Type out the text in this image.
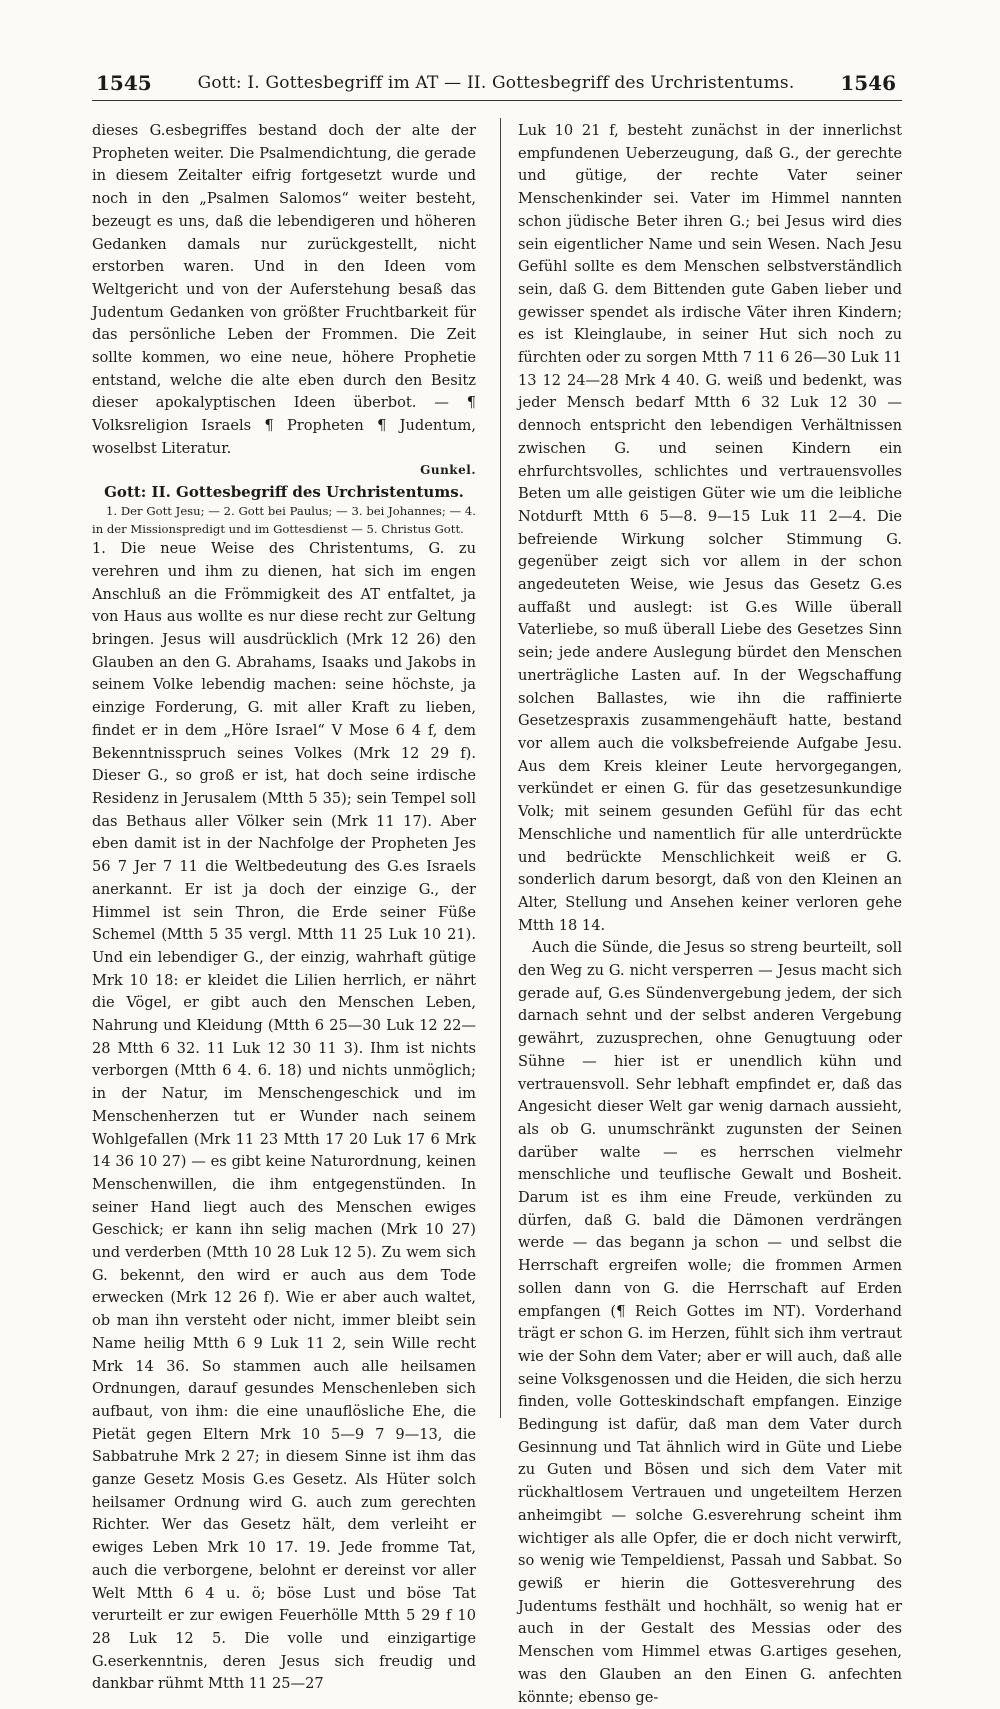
1545	Gott: I. Gottesbegriff im AT — II. Gottesbegriff des Urchristentums.	1546

dieses G.esbegriffes bestand doch der alte der Propheten weiter. Die Psalmendichtung, die gerade in diesem Zeitalter eifrig fortgesetzt wurde und noch in den „Psalmen Salomos“ weiter besteht, bezeugt es uns, daß die lebendigeren und höheren Gedanken damals nur zurückgestellt, nicht erstorben waren. Und in den Ideen vom Weltgericht und von der Auferstehung besaß das Judentum Gedanken von größter Fruchtbarkeit für das persönliche Leben der Frommen. Die Zeit sollte kommen, wo eine neue, höhere Prophetie entstand, welche die alte eben durch den Besitz dieser apokalyptischen Ideen überbot. — ¶ Volksreligion Israels ¶ Propheten ¶ Judentum, woselbst Literatur.

Gunkel.

Gott: II. Gottesbegriff des Urchristentums.

1. Der Gott Jesu; — 2. Gott bei Paulus; — 3. bei Johannes; — 4. in der Missionspredigt und im Gottesdienst — 5. Christus Gott.

1. Die neue Weise des Christentums, G. zu verehren und ihm zu dienen, hat sich im engen Anschluß an die Frömmigkeit des AT entfaltet, ja von Haus aus wollte es nur diese recht zur Geltung bringen. Jesus will ausdrücklich (Mrk 12 26) den Glauben an den G. Abrahams, Isaaks und Jakobs in seinem Volke lebendig machen: seine höchste, ja einzige Forderung, G. mit aller Kraft zu lieben, findet er in dem „Höre Israel“ V Mose 6 4 f, dem Bekenntnisspruch seines Volkes (Mrk 12 29 f). Dieser G., so groß er ist, hat doch seine irdische Residenz in Jerusalem (Mtth 5 35); sein Tempel soll das Bethaus aller Völker sein (Mrk 11 17). Aber eben damit ist in der Nachfolge der Propheten Jes 56 7 Jer 7 11 die Weltbedeutung des G.es Israels anerkannt. Er ist ja doch der einzige G., der Himmel ist sein Thron, die Erde seiner Füße Schemel (Mtth 5 35 vergl. Mtth 11 25 Luk 10 21). Und ein lebendiger G., der einzig, wahrhaft gütige Mrk 10 18: er kleidet die Lilien herrlich, er nährt die Vögel, er gibt auch den Menschen Leben, Nahrung und Kleidung (Mtth 6 25—30 Luk 12 22—28 Mtth 6 32. 11 Luk 12 30 11 3). Ihm ist nichts verborgen (Mtth 6 4. 6. 18) und nichts unmöglich; in der Natur, im Menschengeschick und im Menschenherzen tut er Wunder nach seinem Wohlgefallen (Mrk 11 23 Mtth 17 20 Luk 17 6 Mrk 14 36 10 27) — es gibt keine Naturordnung, keinen Menschenwillen, die ihm entgegenstünden. In seiner Hand liegt auch des Menschen ewiges Geschick; er kann ihn selig machen (Mrk 10 27) und verderben (Mtth 10 28 Luk 12 5). Zu wem sich G. bekennt, den wird er auch aus dem Tode erwecken (Mrk 12 26 f). Wie er aber auch waltet, ob man ihn versteht oder nicht, immer bleibt sein Name heilig Mtth 6 9 Luk 11 2, sein Wille recht Mrk 14 36. So stammen auch alle heilsamen Ordnungen, darauf gesundes Menschenleben sich aufbaut, von ihm: die eine unauflösliche Ehe, die Pietät gegen Eltern Mrk 10 5—9 7 9—13, die Sabbatruhe Mrk 2 27; in diesem Sinne ist ihm das ganze Gesetz Mosis G.es Gesetz. Als Hüter solch heilsamer Ordnung wird G. auch zum gerechten Richter. Wer das Gesetz hält, dem verleiht er ewiges Leben Mrk 10 17. 19. Jede fromme Tat, auch die verborgene, belohnt er dereinst vor aller Welt Mtth 6 4 u. ö; böse Lust und böse Tat verurteilt er zur ewigen Feuerhölle Mtth 5 29 f 10 28 Luk 12 5. Die volle und einzigartige G.eserkenntnis, deren Jesus sich freudig und dankbar rühmt Mtth 11 25—27

Luk 10 21 f, besteht zunächst in der innerlichst empfundenen Ueberzeugung, daß G., der gerechte und gütige, der rechte Vater seiner Menschenkinder sei. Vater im Himmel nannten schon jüdische Beter ihren G.; bei Jesus wird dies sein eigentlicher Name und sein Wesen. Nach Jesu Gefühl sollte es dem Menschen selbstverständlich sein, daß G. dem Bittenden gute Gaben lieber und gewisser spendet als irdische Väter ihren Kindern; es ist Kleinglaube, in seiner Hut sich noch zu fürchten oder zu sorgen Mtth 7 11 6 26—30 Luk 11 13 12 24—28 Mrk 4 40. G. weiß und bedenkt, was jeder Mensch bedarf Mtth 6 32 Luk 12 30 — dennoch entspricht den lebendigen Verhältnissen zwischen G. und seinen Kindern ein ehrfurchtsvolles, schlichtes und vertrauensvolles Beten um alle geistigen Güter wie um die leibliche Notdurft Mtth 6 5—8. 9—15 Luk 11 2—4. Die befreiende Wirkung solcher Stimmung G. gegenüber zeigt sich vor allem in der schon angedeuteten Weise, wie Jesus das Gesetz G.es auffaßt und auslegt: ist G.es Wille überall Vaterliebe, so muß überall Liebe des Gesetzes Sinn sein; jede andere Auslegung bürdet den Menschen unerträgliche Lasten auf. In der Wegschaffung solchen Ballastes, wie ihn die raffinierte Gesetzespraxis zusammengehäuft hatte, bestand vor allem auch die volksbefreiende Aufgabe Jesu. Aus dem Kreis kleiner Leute hervorgegangen, verkündet er einen G. für das gesetzesunkundige Volk; mit seinem gesunden Gefühl für das echt Menschliche und namentlich für alle unterdrückte und bedrückte Menschlichkeit weiß er G. sonderlich darum besorgt, daß von den Kleinen an Alter, Stellung und Ansehen keiner verloren gehe Mtth 18 14.

Auch die Sünde, die Jesus so streng beurteilt, soll den Weg zu G. nicht versperren — Jesus macht sich gerade auf, G.es Sündenvergebung jedem, der sich darnach sehnt und der selbst anderen Vergebung gewährt, zuzusprechen, ohne Genugtuung oder Sühne — hier ist er unendlich kühn und vertrauensvoll. Sehr lebhaft empfindet er, daß das Angesicht dieser Welt gar wenig darnach aussieht, als ob G. unumschränkt zugunsten der Seinen darüber walte — es herrschen vielmehr menschliche und teuflische Gewalt und Bosheit. Darum ist es ihm eine Freude, verkünden zu dürfen, daß G. bald die Dämonen verdrängen werde — das begann ja schon — und selbst die Herrschaft ergreifen wolle; die frommen Armen sollen dann von G. die Herrschaft auf Erden empfangen (¶ Reich Gottes im NT). Vorderhand trägt er schon G. im Herzen, fühlt sich ihm vertraut wie der Sohn dem Vater; aber er will auch, daß alle seine Volksgenossen und die Heiden, die sich herzu finden, volle Gotteskindschaft empfangen. Einzige Bedingung ist dafür, daß man dem Vater durch Gesinnung und Tat ähnlich wird in Güte und Liebe zu Guten und Bösen und sich dem Vater mit rückhaltlosem Vertrauen und ungeteiltem Herzen anheimgibt — solche G.esverehrung scheint ihm wichtiger als alle Opfer, die er doch nicht verwirft, so wenig wie Tempeldienst, Passah und Sabbat. So gewiß er hierin die Gottesverehrung des Judentums festhält und hochhält, so wenig hat er auch in der Gestalt des Messias oder des Menschen vom Himmel etwas G.artiges gesehen, was den Glauben an den Einen G. anfechten könnte; ebenso ge-
